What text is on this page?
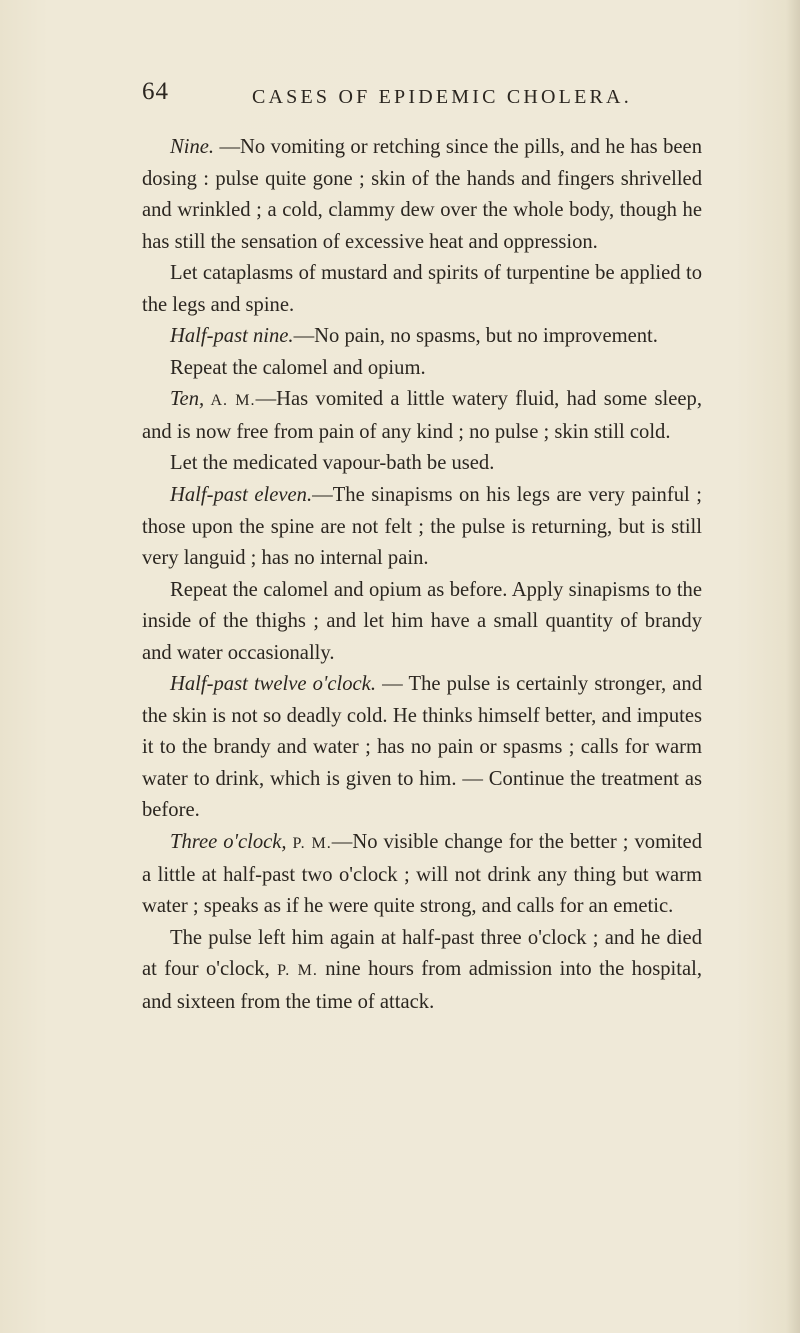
64	CASES OF EPIDEMIC CHOLERA.

Nine. —No vomiting or retching since the pills, and he has been dosing : pulse quite gone ; skin of the hands and fingers shrivelled and wrinkled ; a cold, clammy dew over the whole body, though he has still the sensation of excessive heat and oppression.

Let cataplasms of mustard and spirits of turpentine be applied to the legs and spine.

Half-past nine.—No pain, no spasms, but no improvement.

Repeat the calomel and opium.

Ten, A. M.—Has vomited a little watery fluid, had some sleep, and is now free from pain of any kind ; no pulse ; skin still cold.

Let the medicated vapour-bath be used.

Half-past eleven.—The sinapisms on his legs are very painful ; those upon the spine are not felt ; the pulse is returning, but is still very languid ; has no internal pain.

Repeat the calomel and opium as before. Apply sinapisms to the inside of the thighs ; and let him have a small quantity of brandy and water occasionally.

Half-past twelve o'clock. — The pulse is certainly stronger, and the skin is not so deadly cold. He thinks himself better, and imputes it to the brandy and water ; has no pain or spasms ; calls for warm water to drink, which is given to him. — Continue the treatment as before.

Three o'clock, P. M.—No visible change for the better ; vomited a little at half-past two o'clock ; will not drink any thing but warm water ; speaks as if he were quite strong, and calls for an emetic.

The pulse left him again at half-past three o'clock ; and he died at four o'clock, P. M. nine hours from admission into the hospital, and sixteen from the time of attack.
